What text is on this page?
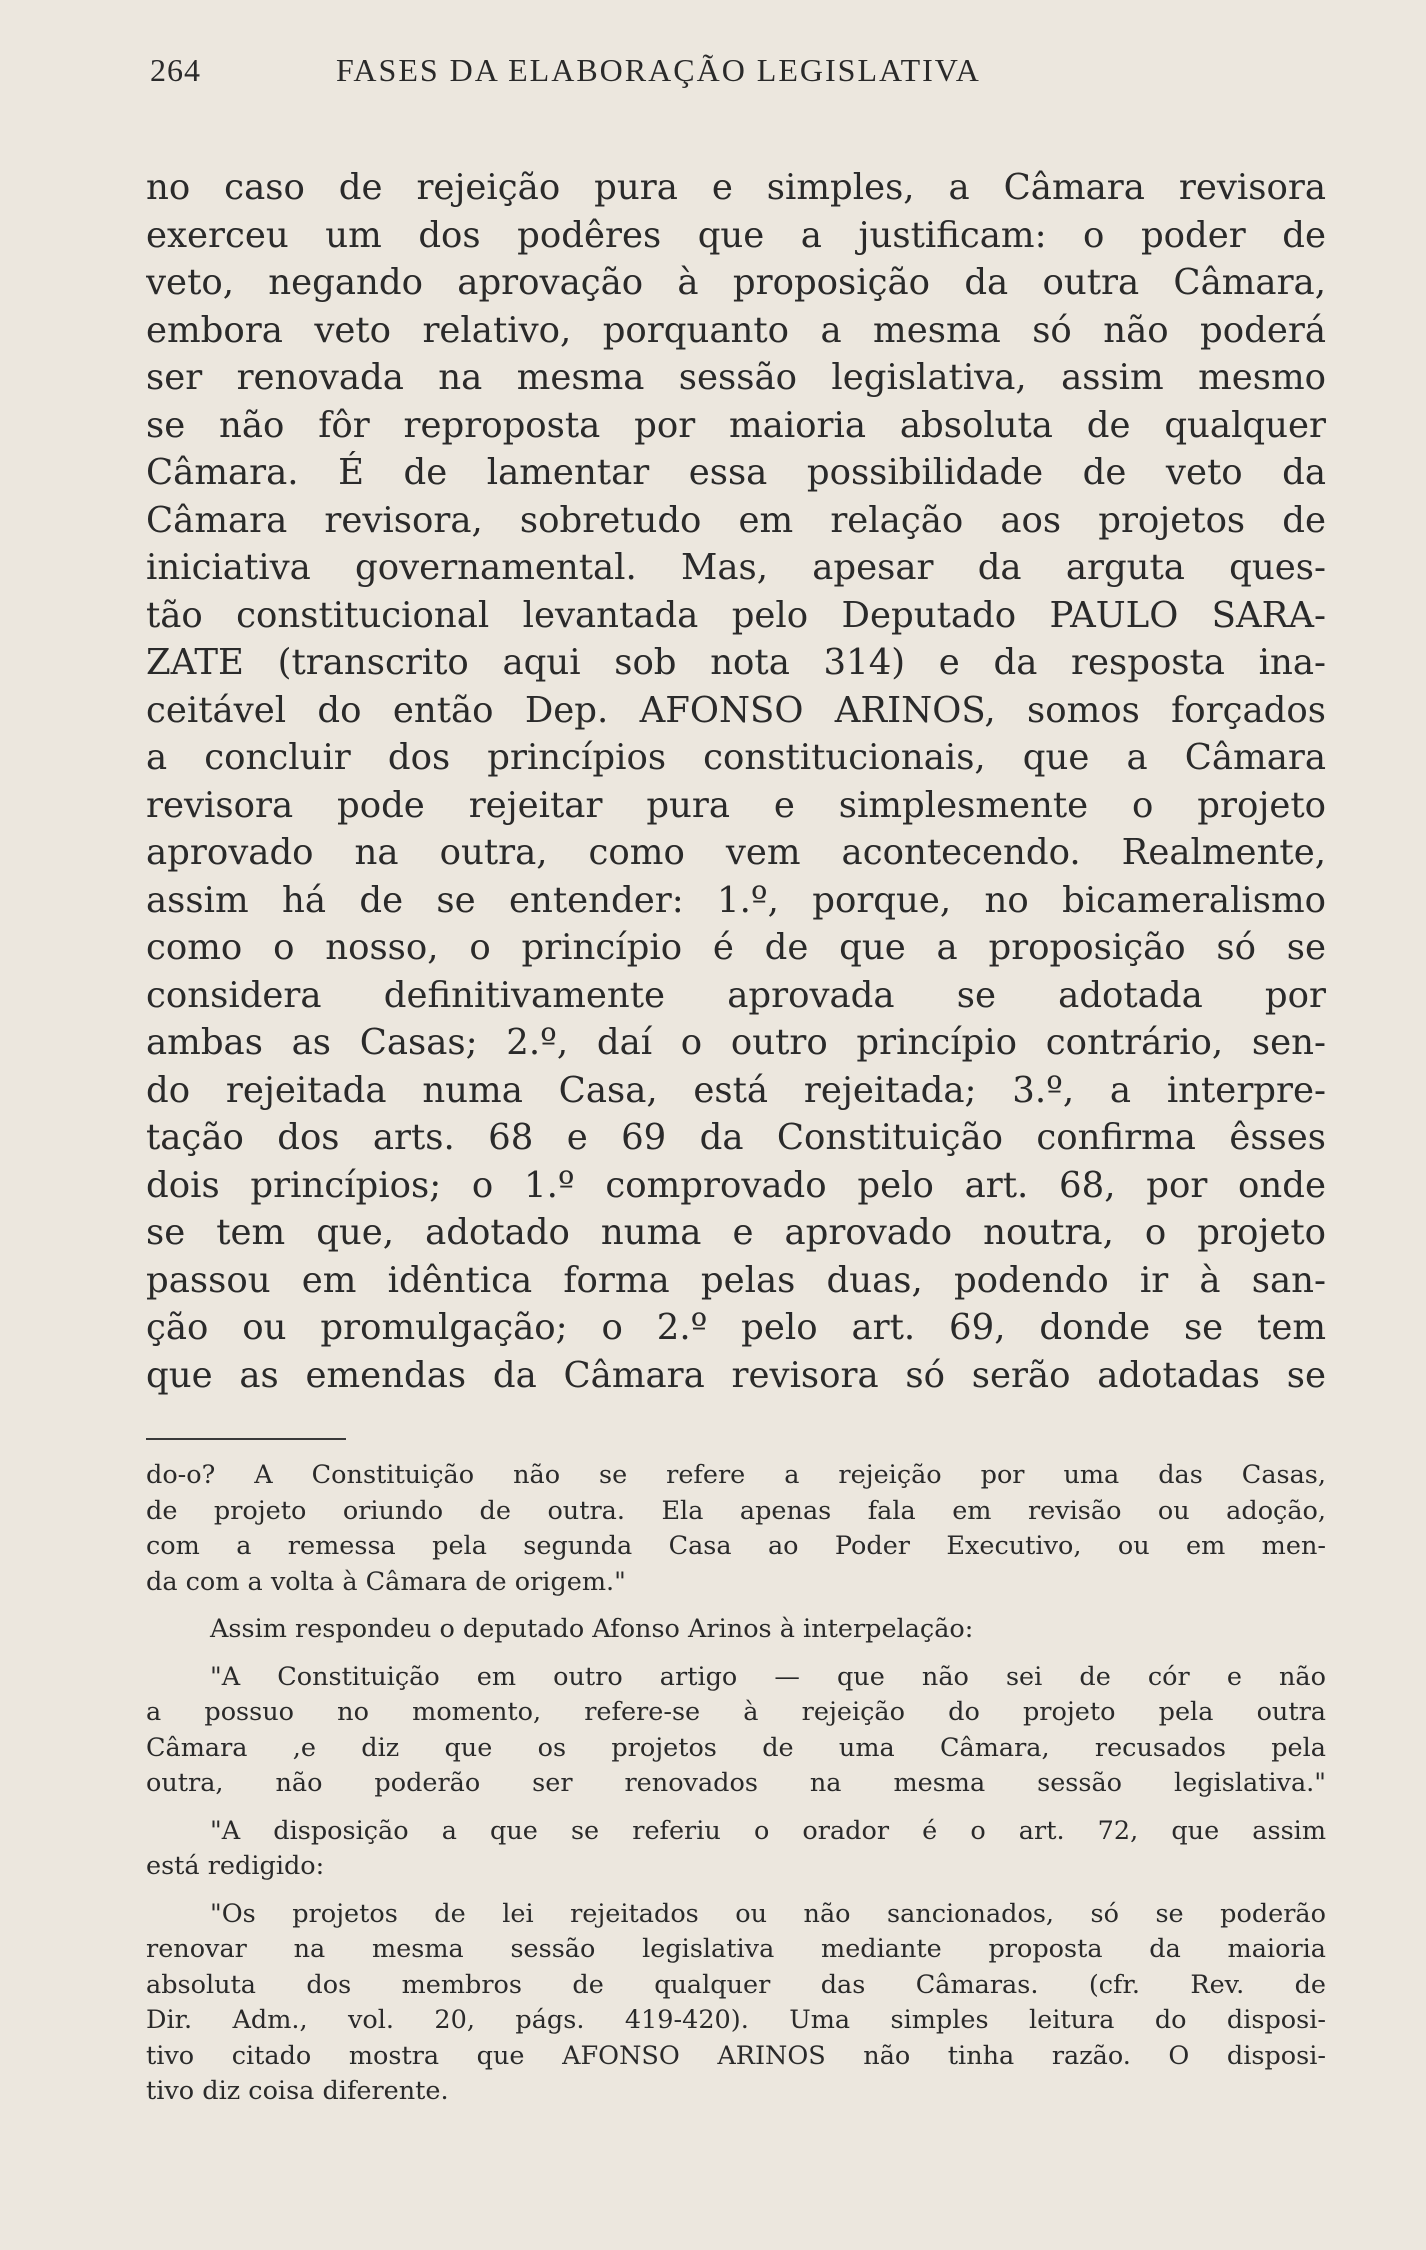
264	FASES DA ELABORAÇÃO LEGISLATIVA
no caso de rejeição pura e simples, a Câmara revisora
exerceu um dos podêres que a justificam: o poder de
veto, negando aprovação à proposição da outra Câmara,
embora veto relativo, porquanto a mesma só não poderá
ser renovada na mesma sessão legislativa, assim mesmo
se não fôr reproposta por maioria absoluta de qualquer
Câmara. É de lamentar essa possibilidade de veto da
Câmara revisora, sobretudo em relação aos projetos de
iniciativa governamental. Mas, apesar da arguta ques-
tão constitucional levantada pelo Deputado PAULO SARA-
ZATE (transcrito aqui sob nota 314) e da resposta ina-
ceitável do então Dep. AFONSO ARINOS, somos forçados
a concluir dos princípios constitucionais, que a Câmara
revisora pode rejeitar pura e simplesmente o projeto
aprovado na outra, como vem acontecendo. Realmente,
assim há de se entender: 1.º, porque, no bicameralismo
como o nosso, o princípio é de que a proposição só se
considera definitivamente aprovada se adotada por
ambas as Casas; 2.º, daí o outro princípio contrário, sen-
do rejeitada numa Casa, está rejeitada; 3.º, a interpre-
tação dos arts. 68 e 69 da Constituição confirma êsses
dois princípios; o 1.º comprovado pelo art. 68, por onde
se tem que, adotado numa e aprovado noutra, o projeto
passou em idêntica forma pelas duas, podendo ir à san-
ção ou promulgação; o 2.º pelo art. 69, donde se tem
que as emendas da Câmara revisora só serão adotadas se
do-o? A Constituição não se refere a rejeição por uma das Casas,
de projeto oriundo de outra. Ela apenas fala em revisão ou adoção,
com a remessa pela segunda Casa ao Poder Executivo, ou em men-
da com a volta à Câmara de origem."
Assim respondeu o deputado Afonso Arinos à interpelação:
"A Constituição em outro artigo — que não sei de cór e não
a possuo no momento, refere-se à rejeição do projeto pela outra
Câmara ,e diz que os projetos de uma Câmara, recusados pela
outra, não poderão ser renovados na mesma sessão legislativa."
"A disposição a que se referiu o orador é o art. 72, que assim
está redigido:
"Os projetos de lei rejeitados ou não sancionados, só se poderão
renovar na mesma sessão legislativa mediante proposta da maioria
absoluta dos membros de qualquer das Câmaras. (cfr. Rev. de
Dir. Adm., vol. 20, págs. 419-420). Uma simples leitura do disposi-
tivo citado mostra que AFONSO ARINOS não tinha razão. O disposi-
tivo diz coisa diferente.
